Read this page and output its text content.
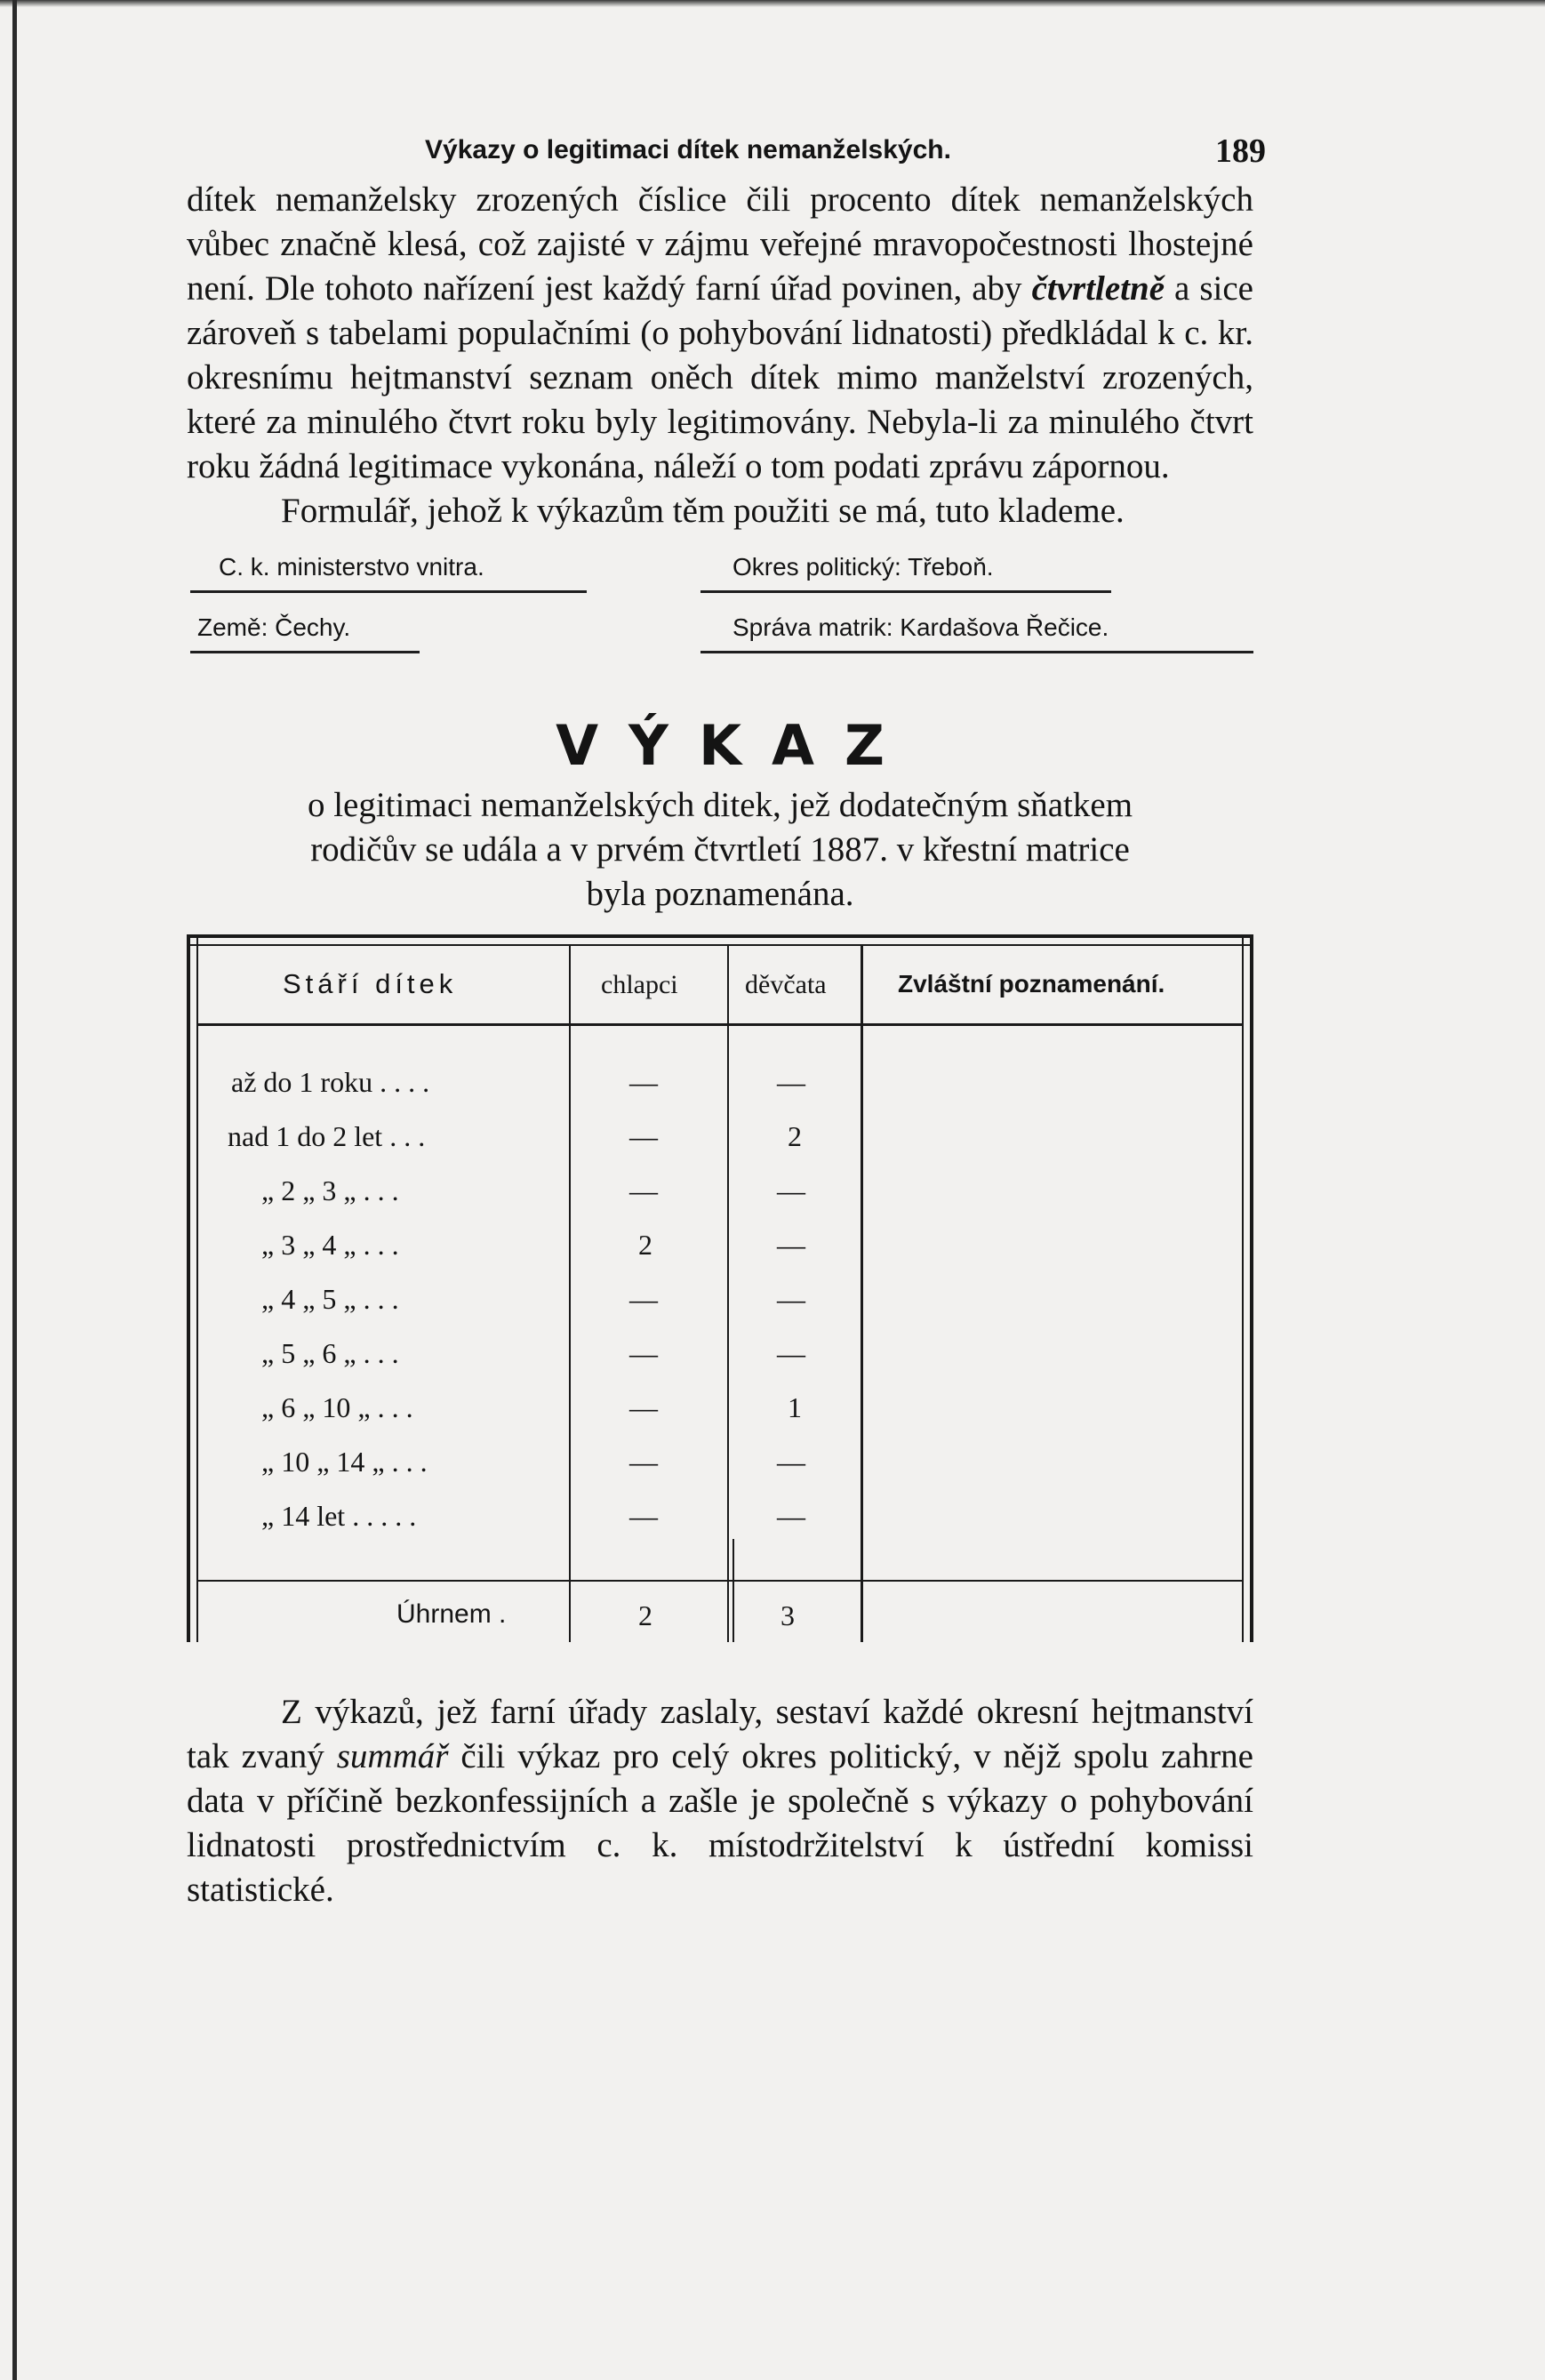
Výkazy o legitimaci dítek nemanželských.	189

dítek nemanželsky zrozených číslice čili procento dítek nemanželských vůbec značně klesá, což zajisté v zájmu veřejné mravopočestnosti lhostejné není. Dle tohoto nařízení jest každý farní úřad povinen, aby čtvrtletně a sice zároveň s tabelami populačními (o pohybování lidnatosti) předkládal k c. kr. okresnímu hejtmanství seznam oněch dítek mimo manželství zrozených, které za minulého čtvrt roku byly legitimovány. Nebyla-li za minulého čtvrt roku žádná legitimace vykonána, náleží o tom podati zprávu zápornou.

Formulář, jehož k výkazům těm použiti se má, tuto klademe.

C. k. ministerstvo vnitra.	Okres politický: Třeboň.
Země: Čechy.	Správa matrik: Kardašova Řečice.
VÝKAZ

o legitimaci nemanželských ditek, jež dodatečným sňatkem

rodičův se udála a v prvém čtvrtletí 1887. v křestní matrice

byla poznamenána.

Stáří dítek	chlapci	děvčata	Zvláštní poznamenání.
až do 1 roku . . . .	—	—
nad 1 do 2 let . . .	—	2
„ 2 „ 3 „ . . .	—	—
„ 3 „ 4 „ . . .	2	—
„ 4 „ 5 „ . . .	—	—
„ 5 „ 6 „ . . .	—	—
„ 6 „ 10 „ . . .	—	1
„ 10 „ 14 „ . . .	—	—
„ 14 let . . . . .	—	—
Úhrnem .	2	3

Z výkazů, jež farní úřady zaslaly, sestaví každé okresní hejtmanství tak zvaný summář čili výkaz pro celý okres politický, v nějž spolu zahrne data v příčině bezkonfessijních a zašle je společně s výkazy o pohybování lidnatosti prostřednictvím c. k. místodržitelství k ústřední komissi statistické.
